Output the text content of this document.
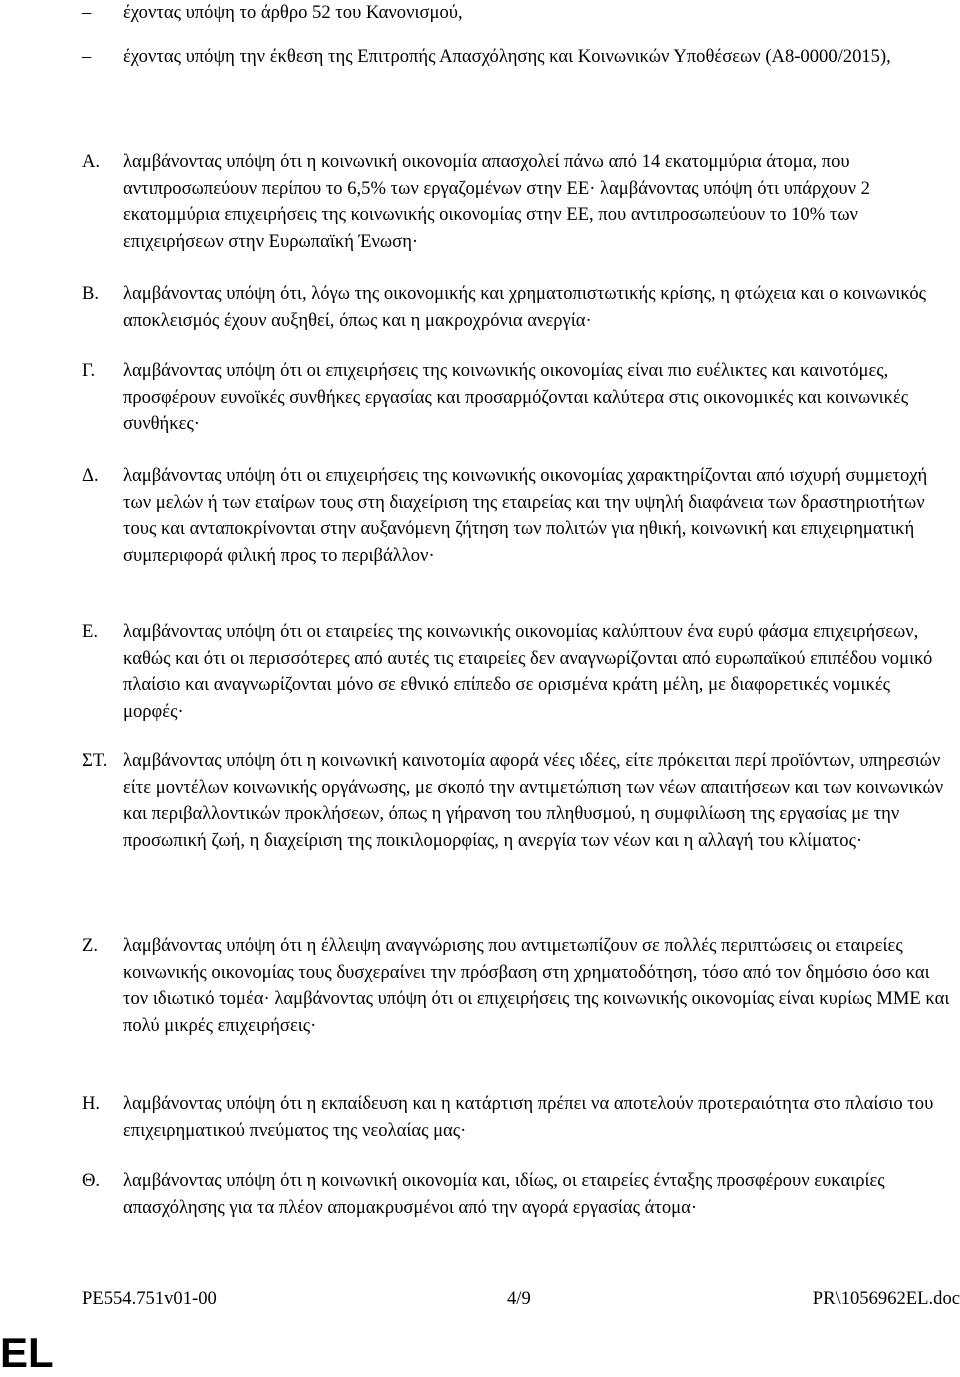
– έχοντας υπόψη το άρθρο 52 του Κανονισμού,
– έχοντας υπόψη την έκθεση της Επιτροπής Απασχόλησης και Κοινωνικών Υποθέσεων (A8-0000/2015),
A. λαμβάνοντας υπόψη ότι η κοινωνική οικονομία απασχολεί πάνω από 14 εκατομμύρια άτομα, που αντιπροσωπεύουν περίπου το 6,5% των εργαζομένων στην ΕΕ· λαμβάνοντας υπόψη ότι υπάρχουν 2 εκατομμύρια επιχειρήσεις της κοινωνικής οικονομίας στην ΕΕ, που αντιπροσωπεύουν το 10% των επιχειρήσεων στην Ευρωπαϊκή Ένωση·
B. λαμβάνοντας υπόψη ότι, λόγω της οικονομικής και χρηματοπιστωτικής κρίσης, η φτώχεια και ο κοινωνικός αποκλεισμός έχουν αυξηθεί, όπως και η μακροχρόνια ανεργία·
Γ. λαμβάνοντας υπόψη ότι οι επιχειρήσεις της κοινωνικής οικονομίας είναι πιο ευέλικτες και καινοτόμες, προσφέρουν ευνοϊκές συνθήκες εργασίας και προσαρμόζονται καλύτερα στις οικονομικές και κοινωνικές συνθήκες·
Δ. λαμβάνοντας υπόψη ότι οι επιχειρήσεις της κοινωνικής οικονομίας χαρακτηρίζονται από ισχυρή συμμετοχή των μελών ή των εταίρων τους στη διαχείριση της εταιρείας και την υψηλή διαφάνεια των δραστηριοτήτων τους και ανταποκρίνονται στην αυξανόμενη ζήτηση των πολιτών για ηθική, κοινωνική και επιχειρηματική συμπεριφορά φιλική προς το περιβάλλον·
E. λαμβάνοντας υπόψη ότι οι εταιρείες της κοινωνικής οικονομίας καλύπτουν ένα ευρύ φάσμα επιχειρήσεων, καθώς και ότι οι περισσότερες από αυτές τις εταιρείες δεν αναγνωρίζονται από ευρωπαϊκού επιπέδου νομικό πλαίσιο και αναγνωρίζονται μόνο σε εθνικό επίπεδο σε ορισμένα κράτη μέλη, με διαφορετικές νομικές μορφές·
ΣΤ. λαμβάνοντας υπόψη ότι η κοινωνική καινοτομία αφορά νέες ιδέες, είτε πρόκειται περί προϊόντων, υπηρεσιών είτε μοντέλων κοινωνικής οργάνωσης, με σκοπό την αντιμετώπιση των νέων απαιτήσεων και των κοινωνικών και περιβαλλοντικών προκλήσεων, όπως η γήρανση του πληθυσμού, η συμφιλίωση της εργασίας με την προσωπική ζωή, η διαχείριση της ποικιλομορφίας, η ανεργία των νέων και η αλλαγή του κλίματος·
Z. λαμβάνοντας υπόψη ότι η έλλειψη αναγνώρισης που αντιμετωπίζουν σε πολλές περιπτώσεις οι εταιρείες κοινωνικής οικονομίας τους δυσχεραίνει την πρόσβαση στη χρηματοδότηση, τόσο από τον δημόσιο όσο και τον ιδιωτικό τομέα· λαμβάνοντας υπόψη ότι οι επιχειρήσεις της κοινωνικής οικονομίας είναι κυρίως ΜΜΕ και πολύ μικρές επιχειρήσεις·
H. λαμβάνοντας υπόψη ότι η εκπαίδευση και η κατάρτιση πρέπει να αποτελούν προτεραιότητα στο πλαίσιο του επιχειρηματικού πνεύματος της νεολαίας μας·
Θ. λαμβάνοντας υπόψη ότι η κοινωνική οικονομία και, ιδίως, οι εταιρείες ένταξης προσφέρουν ευκαιρίες απασχόλησης για τα πλέον απομακρυσμένοι από την αγορά εργασίας άτομα·
PE554.751v01-00	4/9	PR\1056962EL.doc
EL
